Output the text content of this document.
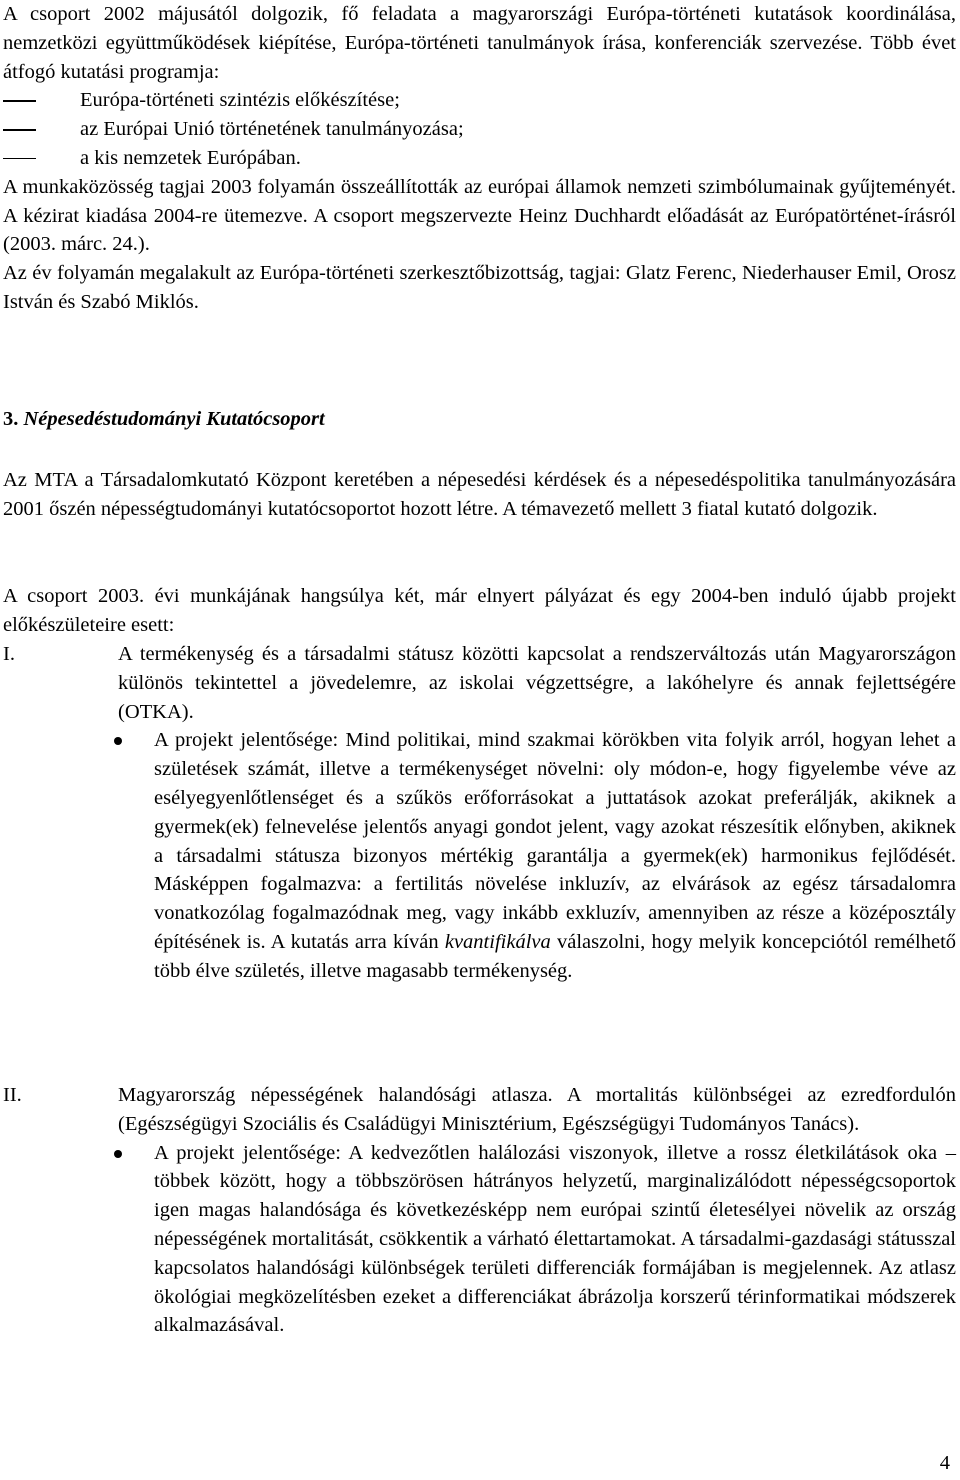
A csoport 2002 májusától dolgozik, fő feladata a magyarországi Európa-történeti kutatások koordinálása, nemzetközi együttműködések kiépítése, Európa-történeti tanulmányok írása, konferenciák szervezése. Több évet átfogó kutatási programja:

Európa-történeti szintézis előkészítése;
az Európai Unió történetének tanulmányozása;
a kis nemzetek Európában.

A munkaközösség tagjai 2003 folyamán összeállították az európai államok nemzeti szimbólumainak gyűjteményét. A kézirat kiadása 2004-re ütemezve. A csoport megszervezte Heinz Duchhardt előadását az Európatörténet-írásról (2003. márc. 24.).

Az év folyamán megalakult az Európa-történeti szerkesztőbizottság, tagjai: Glatz Ferenc, Niederhauser Emil, Orosz István és Szabó Miklós.

3. Népesedéstudományi Kutatócsoport

Az MTA a Társadalomkutató Központ keretében a népesedési kérdések és a népesedéspolitika tanulmányozására 2001 őszén népességtudományi kutatócsoportot hozott létre. A témavezető mellett 3 fiatal kutató dolgozik.

A csoport 2003. évi munkájának hangsúlya két, már elnyert pályázat és egy 2004-ben induló újabb projekt előkészületeire esett:

I.	A termékenység és a társadalmi státusz közötti kapcsolat a rendszerváltozás után Magyarországon különös tekintettel a jövedelemre, az iskolai végzettségre, a lakóhelyre és annak fejlettségére (OTKA).

A projekt jelentősége: Mind politikai, mind szakmai körökben vita folyik arról, hogyan lehet a születések számát, illetve a termékenységet növelni: oly módon-e, hogy figyelembe véve az esélyegyenlőtlenséget és a szűkös erőforrásokat a juttatások azokat preferálják, akiknek a gyermek(ek) felnevelése jelentős anyagi gondot jelent, vagy azokat részesítik előnyben, akiknek a társadalmi státusza bizonyos mértékig garantálja a gyermek(ek) harmonikus fejlődését. Másképpen fogalmazva: a fertilitás növelése inkluzív, az elvárások az egész társadalomra vonatkozólag fogalmazódnak meg, vagy inkább exkluzív, amennyiben az része a középosztály építésének is. A kutatás arra kíván kvantifikálva válaszolni, hogy melyik koncepciótól remélhető több élve születés, illetve magasabb termékenység.
II.	Magyarország népességének halandósági atlasza. A mortalitás különbségei az ezredfordulón (Egészségügyi Szociális és Családügyi Minisztérium, Egészségügyi Tudományos Tanács).

A projekt jelentősége: A kedvezőtlen halálozási viszonyok, illetve a rossz életkilátások oka – többek között, hogy a többszörösen hátrányos helyzetű, marginalizálódott népességcsoportok igen magas halandósága és következésképp nem európai szintű életesélyei növelik az ország népességének mortalitását, csökkentik a várható élettartamokat. A társadalmi-gazdasági státusszal kapcsolatos halandósági különbségek területi differenciák formájában is megjelennek. Az atlasz ökológiai megközelítésben ezeket a differenciákat ábrázolja korszerű térinformatikai módszerek alkalmazásával.
4
